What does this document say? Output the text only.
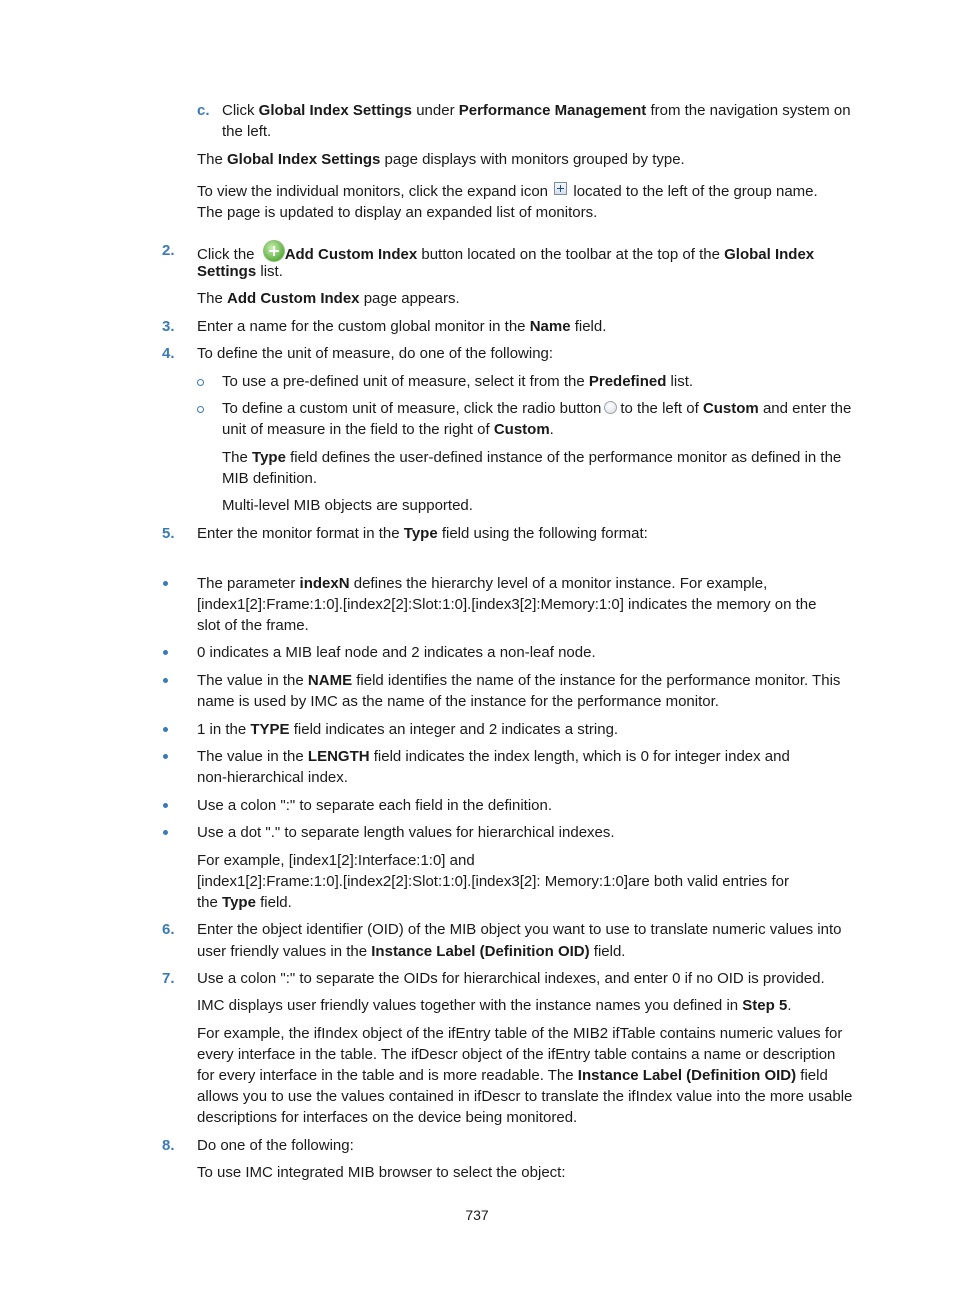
c. Click Global Index Settings under Performance Management from the navigation system on
the left.
The Global Index Settings page displays with monitors grouped by type.
To view the individual monitors, click the expand icon located to the left of the group name.
The page is updated to display an expanded list of monitors.
2. Click the Add Custom Index button located on the toolbar at the top of the Global Index
Settings list.
The Add Custom Index page appears.
3. Enter a name for the custom global monitor in the Name field.
4. To define the unit of measure, do one of the following:
To use a pre-defined unit of measure, select it from the Predefined list.
To define a custom unit of measure, click the radio button to the left of Custom and enter the
unit of measure in the field to the right of Custom.
The Type field defines the user-defined instance of the performance monitor as defined in the
MIB definition.
Multi-level MIB objects are supported.
5. Enter the monitor format in the Type field using the following format:
The parameter indexN defines the hierarchy level of a monitor instance. For example,
[index1[2]:Frame:1:0].[index2[2]:Slot:1:0].[index3[2]:Memory:1:0] indicates the memory on the
slot of the frame.
0 indicates a MIB leaf node and 2 indicates a non-leaf node.
The value in the NAME field identifies the name of the instance for the performance monitor. This
name is used by IMC as the name of the instance for the performance monitor.
1 in the TYPE field indicates an integer and 2 indicates a string.
The value in the LENGTH field indicates the index length, which is 0 for integer index and
non-hierarchical index.
Use a colon ":" to separate each field in the definition.
Use a dot "." to separate length values for hierarchical indexes.
For example, [index1[2]:Interface:1:0] and
[index1[2]:Frame:1:0].[index2[2]:Slot:1:0].[index3[2]: Memory:1:0]are both valid entries for
the Type field.
6. Enter the object identifier (OID) of the MIB object you want to use to translate numeric values into
user friendly values in the Instance Label (Definition OID) field.
7. Use a colon ":" to separate the OIDs for hierarchical indexes, and enter 0 if no OID is provided.
IMC displays user friendly values together with the instance names you defined in Step 5.
For example, the ifIndex object of the ifEntry table of the MIB2 ifTable contains numeric values for
every interface in the table. The ifDescr object of the ifEntry table contains a name or description
for every interface in the table and is more readable. The Instance Label (Definition OID) field
allows you to use the values contained in ifDescr to translate the ifIndex value into the more usable
descriptions for interfaces on the device being monitored.
8. Do one of the following:
To use IMC integrated MIB browser to select the object:
737
